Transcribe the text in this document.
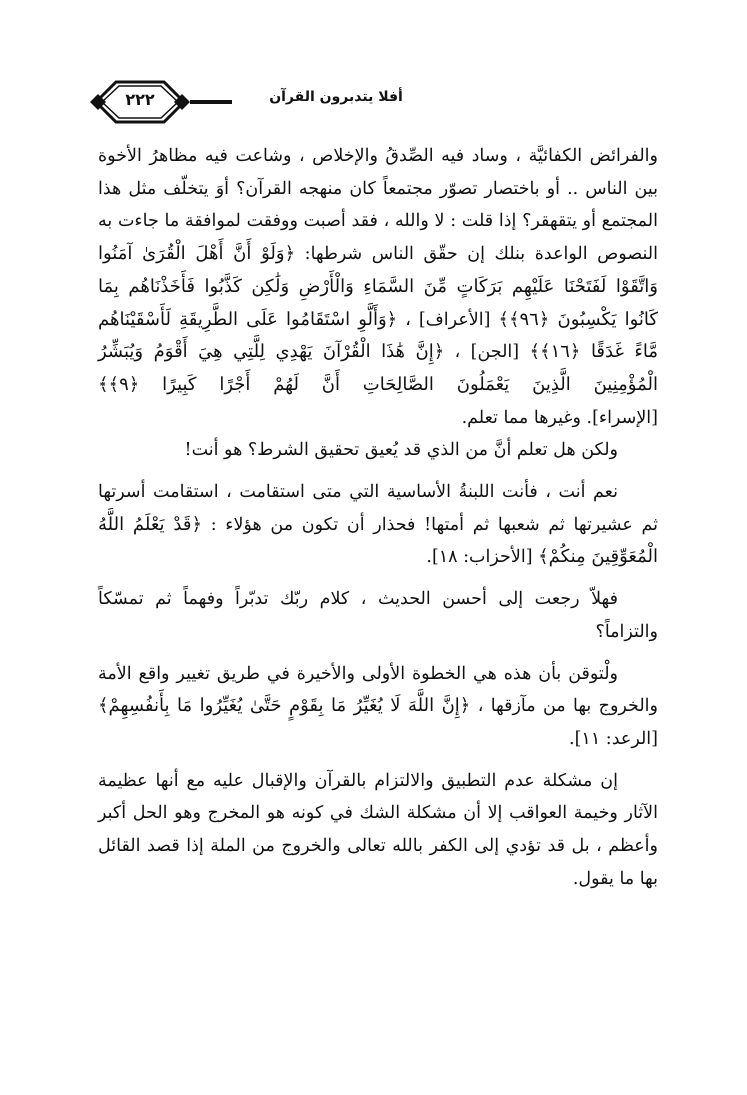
٢٢٢	أفلا يتدبرون القرآن

والفرائض الكفائيَّة ، وساد فيه الصِّدقُ والإخلاص ، وشاعت فيه مظاهرُ الأخوة بين الناس .. أو باختصار تصوّر مجتمعاً كان منهجه القرآن؟ أوَ يتخلّف مثل هذا المجتمع أو يتقهقر؟ إذا قلت : لا والله ، فقد أصبت ووفقت لموافقة ما جاءت به النصوص الواعدة بنلك إن حقّق الناس شرطها: ﴿وَلَوْ أَنَّ أَهْلَ الْقُرَىٰ آمَنُوا وَاتَّقَوْا لَفَتَحْنَا عَلَيْهِم بَرَكَاتٍ مِّنَ السَّمَاءِ وَالْأَرْضِ وَلَٰكِن كَذَّبُوا فَأَخَذْنَاهُم بِمَا كَانُوا يَكْسِبُونَ ﴿٩٦﴾﴾ [الأعراف] ، ﴿وَأَلَّوِ اسْتَقَامُوا عَلَى الطَّرِيقَةِ لَأَسْقَيْنَاهُم مَّاءً غَدَقًا ﴿١٦﴾﴾ [الجن] ، ﴿إِنَّ هَٰذَا الْقُرْآنَ يَهْدِي لِلَّتِي هِيَ أَقْوَمُ وَيُبَشِّرُ الْمُؤْمِنِينَ الَّذِينَ يَعْمَلُونَ الصَّالِحَاتِ أَنَّ لَهُمْ أَجْرًا كَبِيرًا ﴿٩﴾﴾ [الإسراء]. وغيرها مما تعلم.

ولكن هل تعلم أنَّ من الذي قد يُعيق تحقيق الشرط؟ هو أنت!

نعم أنت ، فأنت اللبنةُ الأساسية التي متى استقامت ، استقامت أسرتها ثم عشيرتها ثم شعبها ثم أمتها! فحذار أن تكون من هؤلاء : ﴿قَدْ يَعْلَمُ اللَّهُ الْمُعَوِّقِينَ مِنكُمْ﴾ [الأحزاب: ١٨].

فهلاّ رجعت إلى أحسن الحديث ، كلام ربّك تدبّراً وفهماً ثم تمسّكاً والتزاماً؟

ولْتوقن بأن هذه هي الخطوة الأولى والأخيرة في طريق تغيير واقع الأمة والخروج بها من مآزقها ، ﴿إِنَّ اللَّهَ لَا يُغَيِّرُ مَا بِقَوْمٍ حَتَّىٰ يُغَيِّرُوا مَا بِأَنفُسِهِمْ﴾ [الرعد: ١١].

إن مشكلة عدم التطبيق والالتزام بالقرآن والإقبال عليه مع أنها عظيمة الآثار وخيمة العواقب إلا أن مشكلة الشك في كونه هو المخرج وهو الحل أكبر وأعظم ، بل قد تؤدي إلى الكفر بالله تعالى والخروج من الملة إذا قصد القائل بها ما يقول.
